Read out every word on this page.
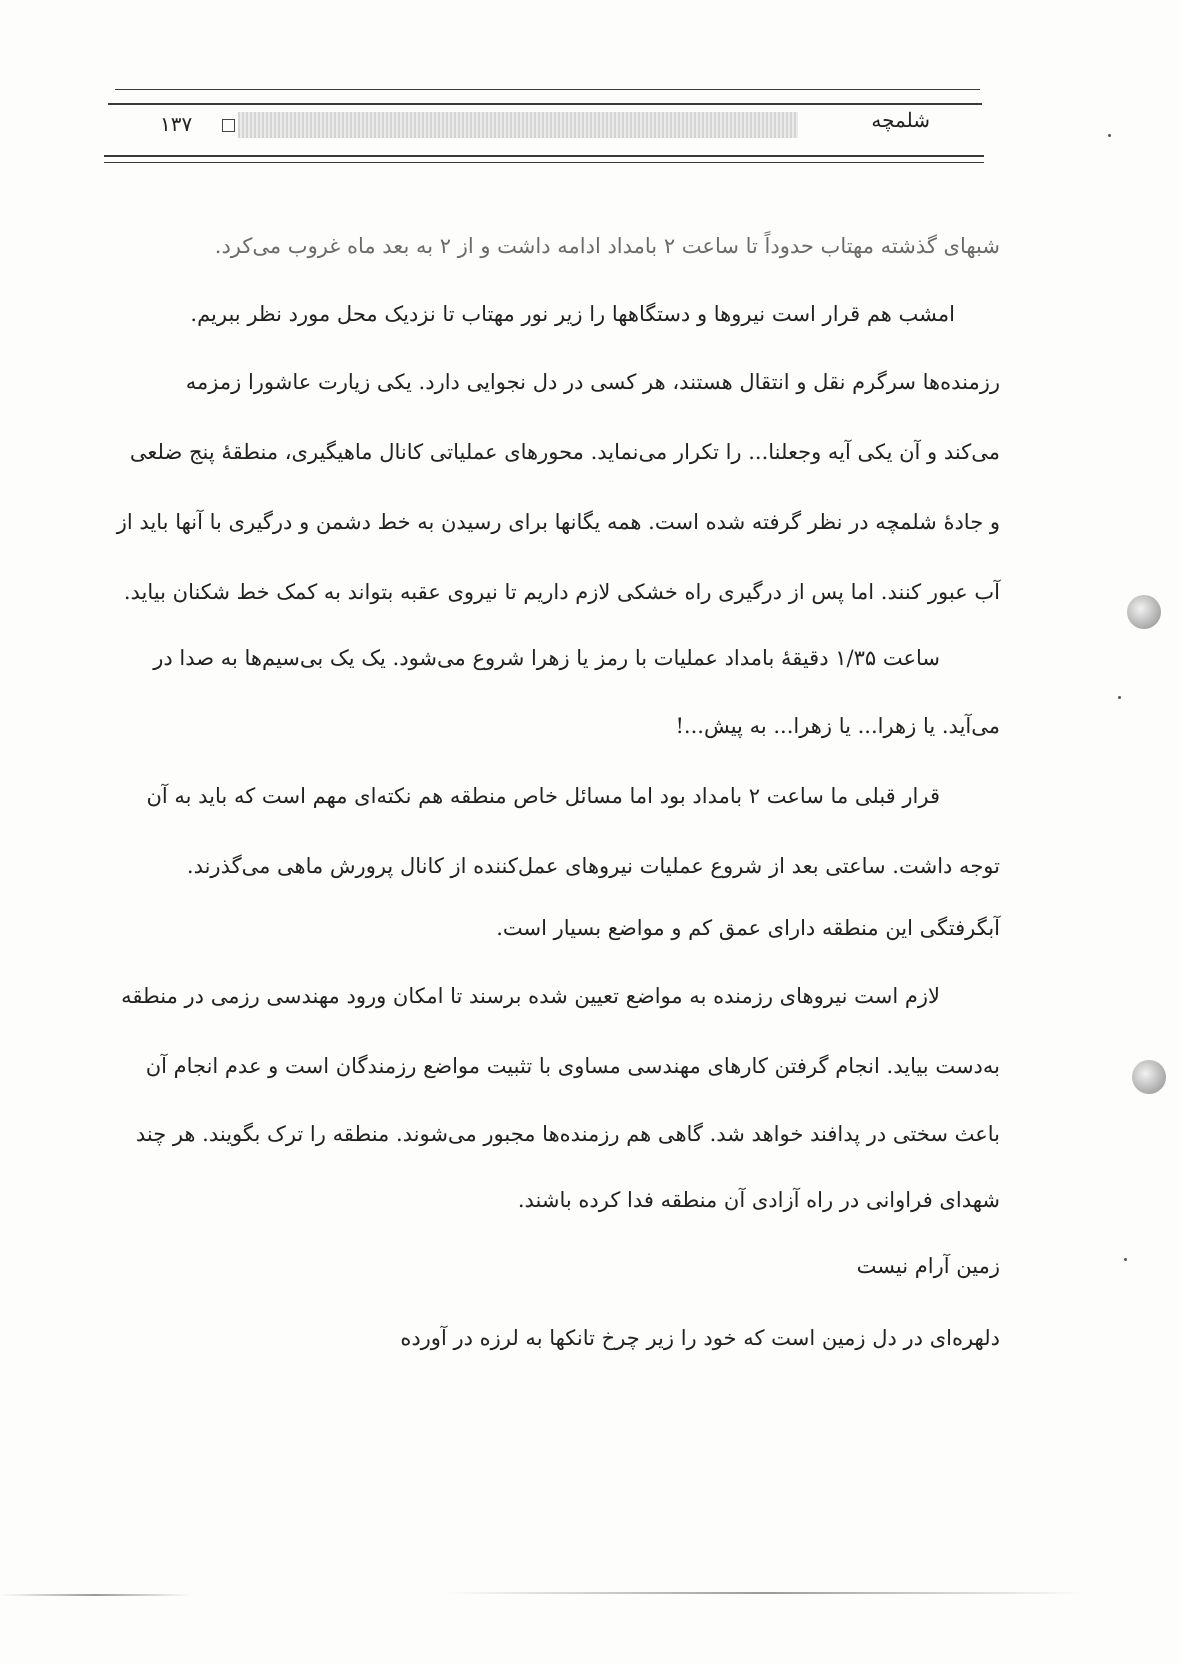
۱۳۷	شلمچه
شبهای گذشته مهتاب حدوداً تا ساعت ۲ بامداد ادامه داشت و از ۲ به بعد ماه غروب می‌کرد.
امشب هم قرار است نیروها و دستگاهها را زیر نور مهتاب تا نزدیک محل مورد نظر ببریم.
رزمنده‌ها سرگرم نقل و انتقال هستند، هر کسی در دل نجوایی دارد. یکی زیارت عاشورا زمزمه
می‌کند و آن یکی آیه وجعلنا... را تکرار می‌نماید. محورهای عملیاتی کانال ماهیگیری، منطقهٔ پنج ضلعی
و جادهٔ شلمچه در نظر گرفته شده است. همه یگانها برای رسیدن به خط دشمن و درگیری با آنها باید از
آب عبور کنند. اما پس از درگیری راه خشکی لازم داریم تا نیروی عقبه بتواند به کمک خط شکنان بیاید.
ساعت ۱/۳۵ دقیقهٔ بامداد عملیات با رمز یا زهرا شروع می‌شود. یک یک بی‌سیم‌ها به صدا در
می‌آید. یا زهرا... یا زهرا... به پیش...!
قرار قبلی ما ساعت ۲ بامداد بود اما مسائل خاص منطقه هم نکته‌ای مهم است که باید به آن
توجه داشت. ساعتی بعد از شروع عملیات نیروهای عمل‌کننده از کانال پرورش ماهی می‌گذرند.
آبگرفتگی این منطقه دارای عمق کم و مواضع بسیار است.
لازم است نیروهای رزمنده به مواضع تعیین شده برسند تا امکان ورود مهندسی رزمی در منطقه
به‌دست بیاید. انجام گرفتن کارهای مهندسی مساوی با تثبیت مواضع رزمندگان است و عدم انجام آن
باعث سختی در پدافند خواهد شد. گاهی هم رزمنده‌ها مجبور می‌شوند. منطقه را ترک بگویند. هر چند
شهدای فراوانی در راه آزادی آن منطقه فدا کرده باشند.
زمین آرام نیست
دلهره‌ای در دل زمین است که خود را زیر چرخ تانکها به لرزه در آورده
